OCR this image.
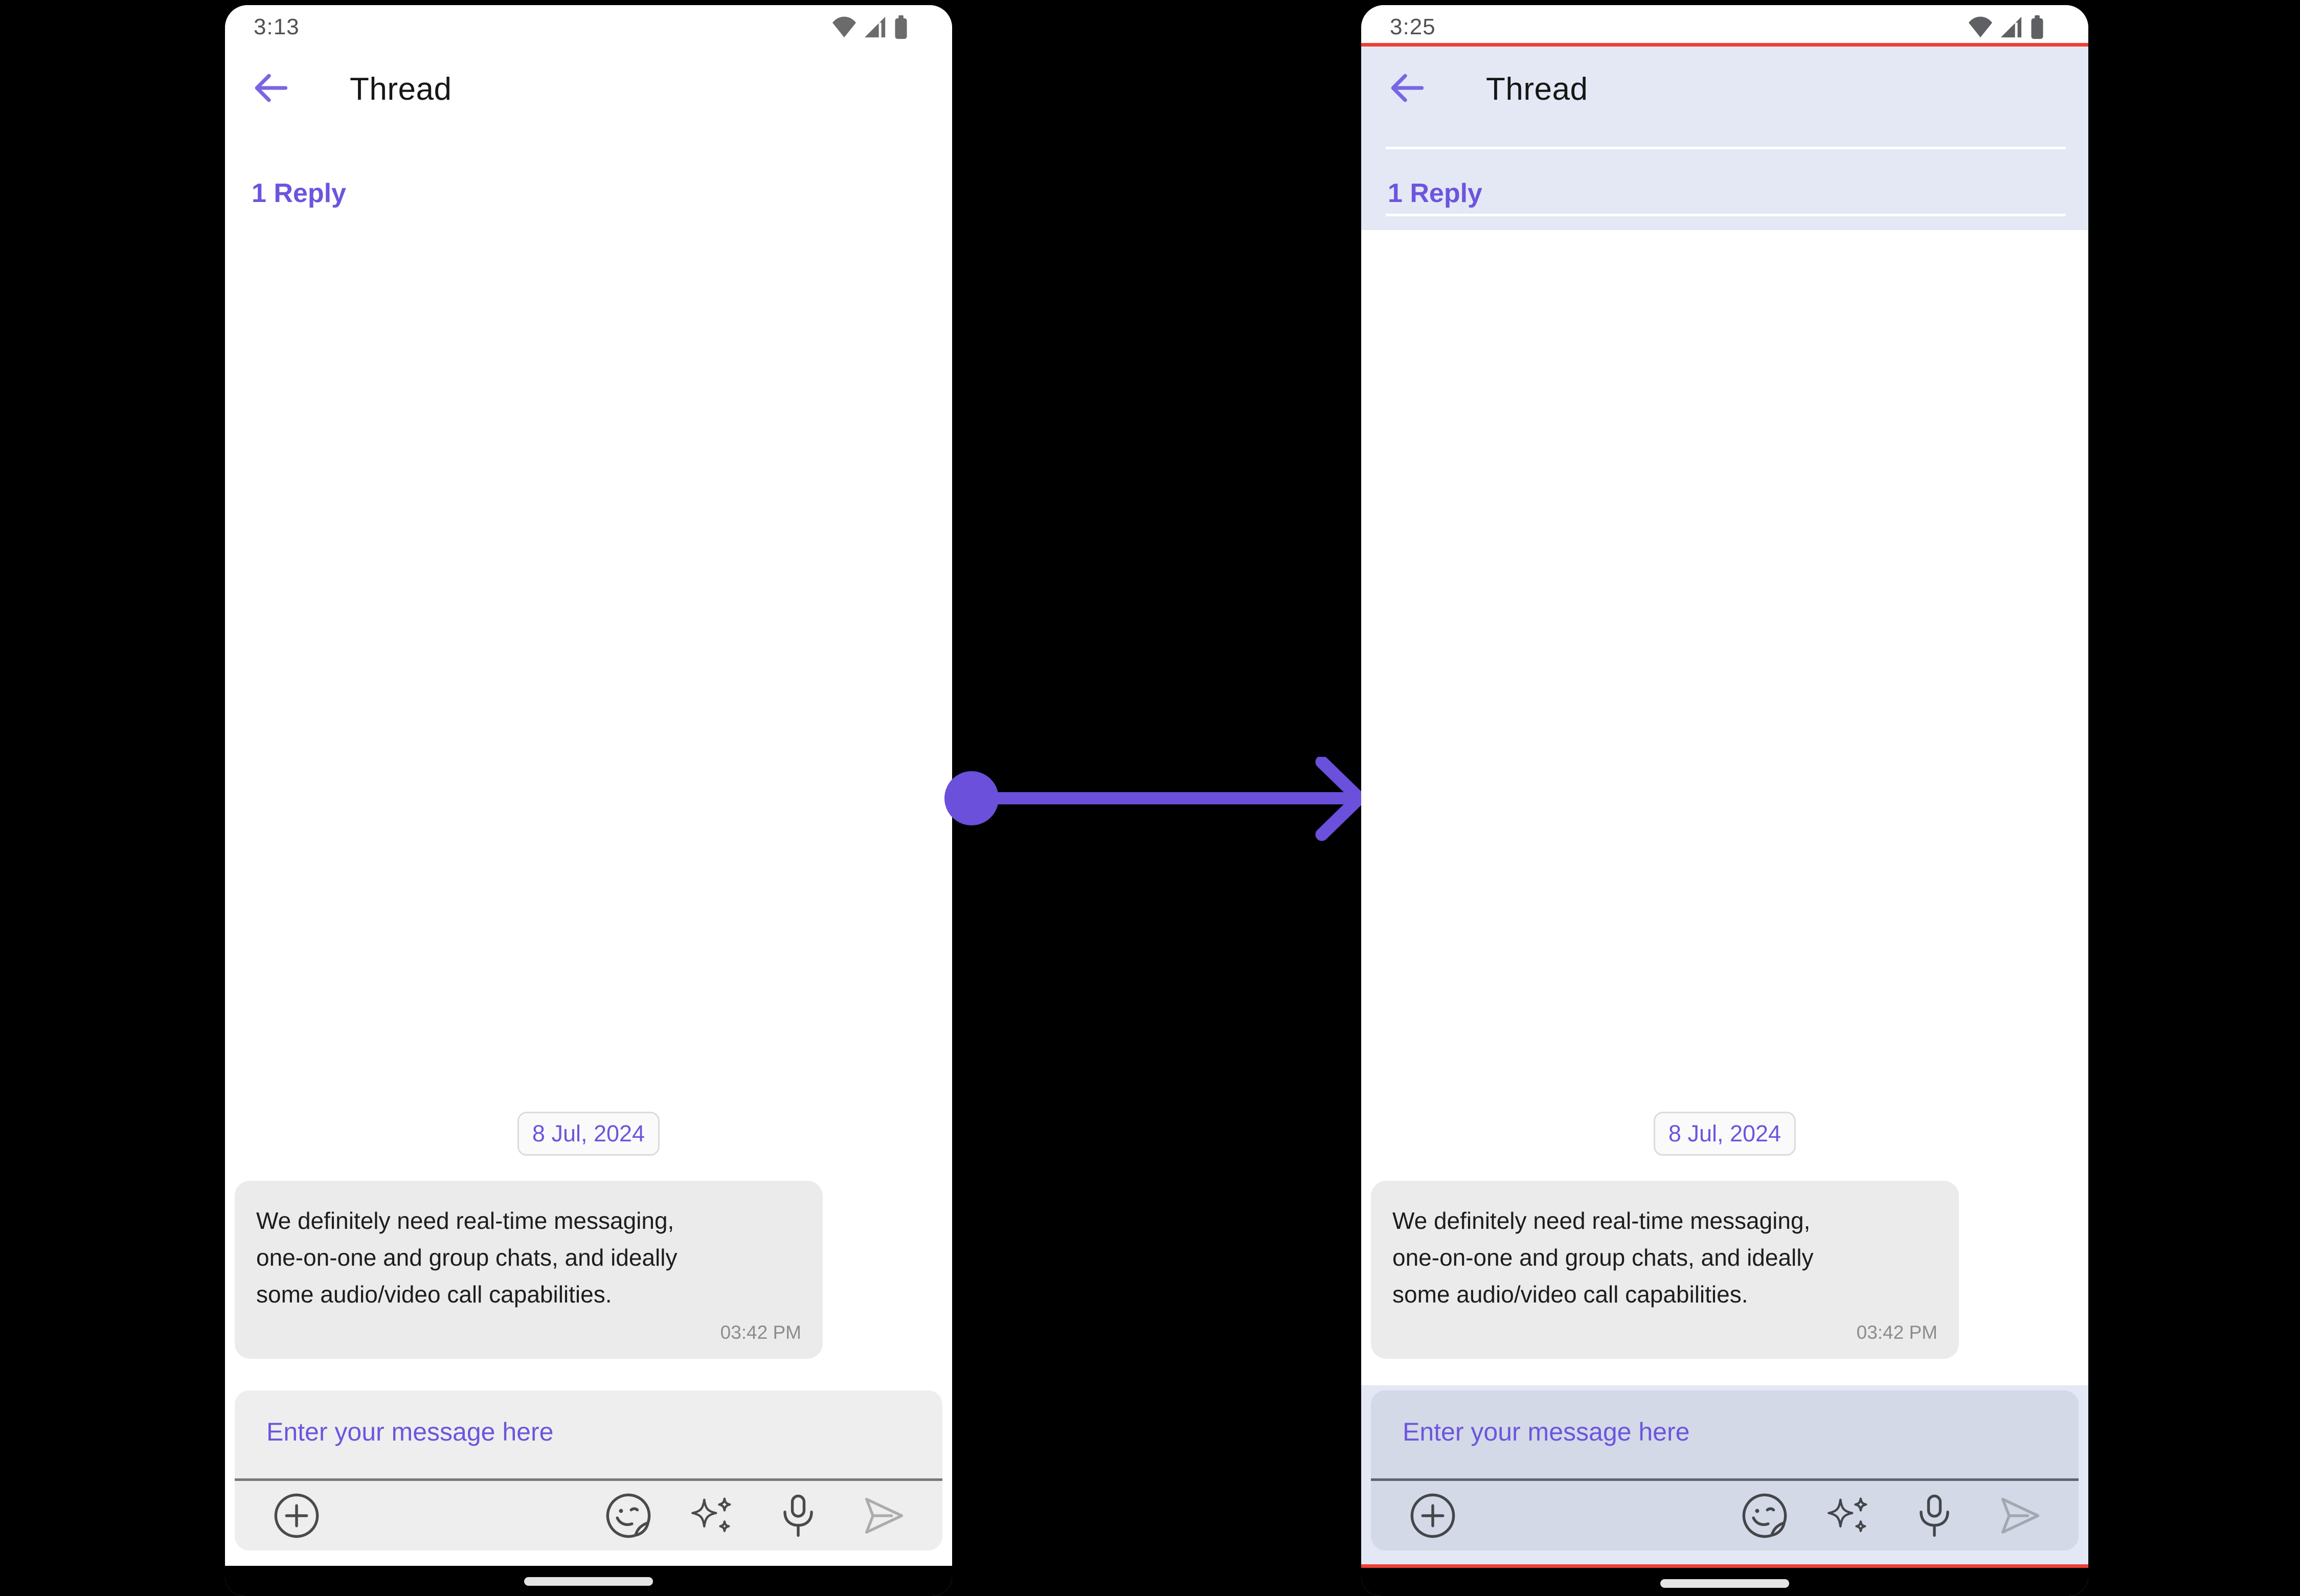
3:13
Thread
1 Reply
8 Jul, 2024
We definitely need real-time messaging,
one-on-one and group chats, and ideally
some audio/video call capabilities.
03:42 PM
Enter your message here
3:25
Thread
1 Reply
8 Jul, 2024
We definitely need real-time messaging,
one-on-one and group chats, and ideally
some audio/video call capabilities.
03:42 PM
Enter your message here
